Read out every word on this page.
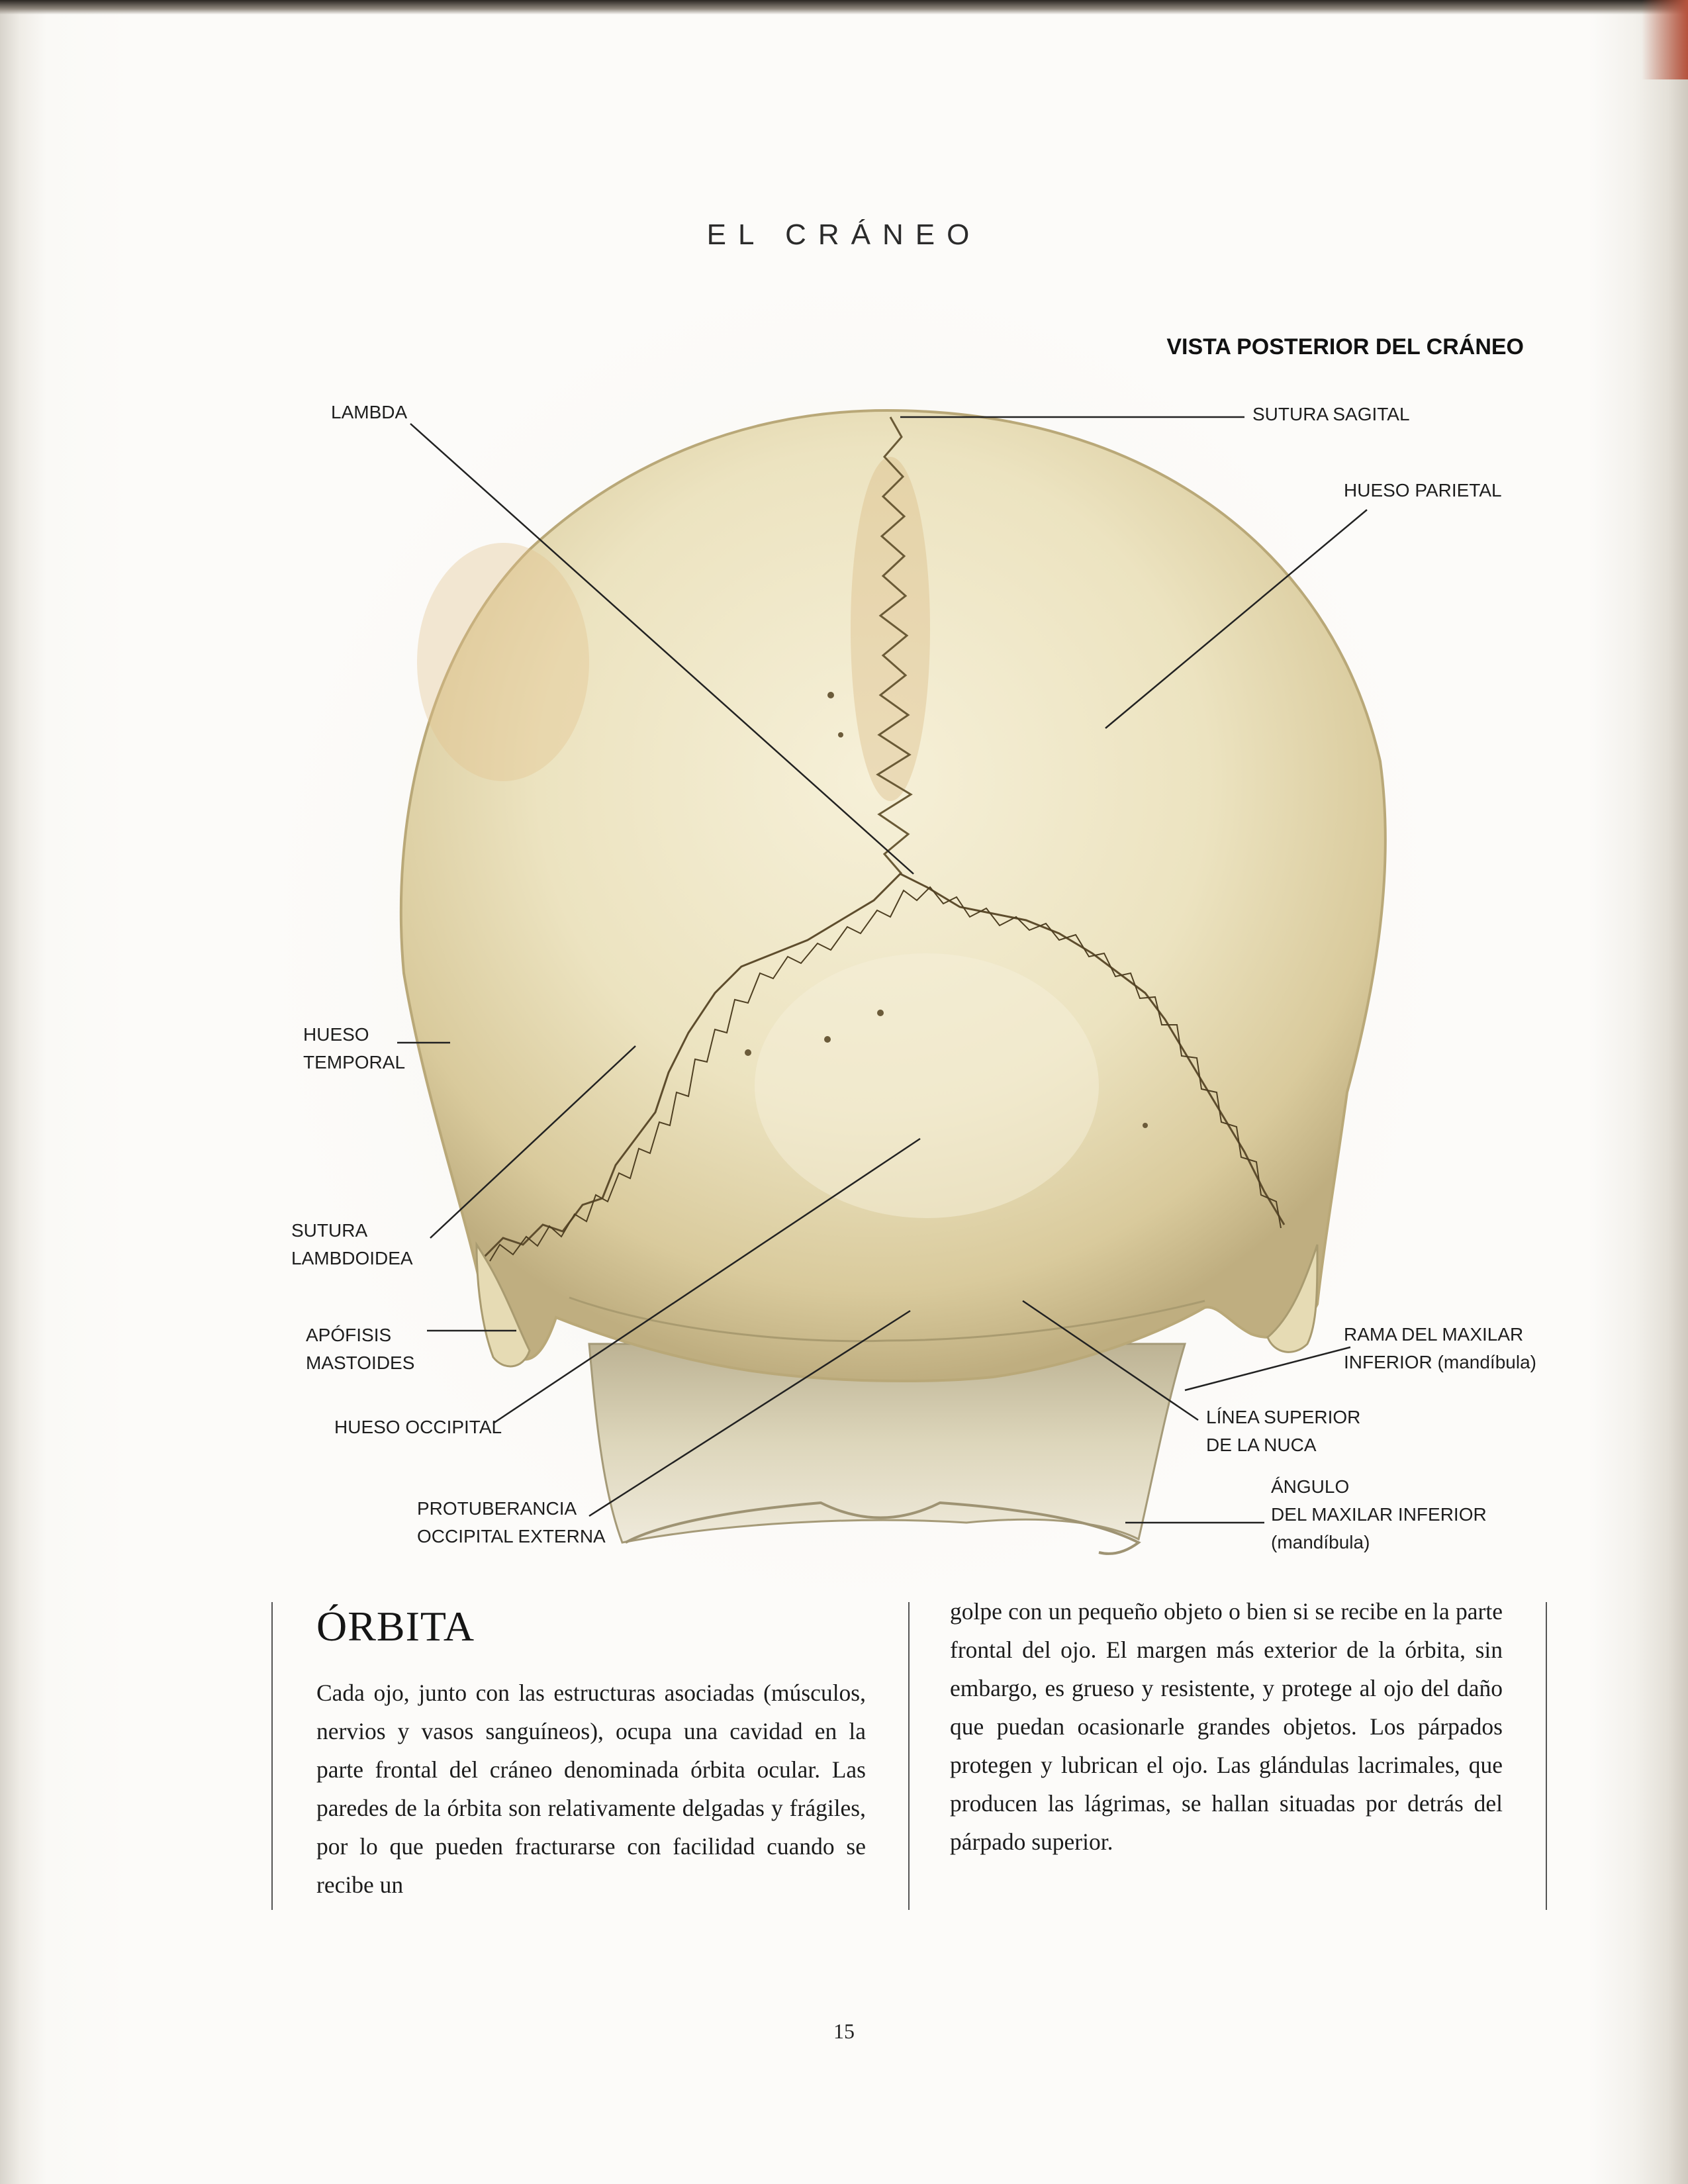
EL CRÁNEO
VISTA POSTERIOR DEL CRÁNEO
LAMBDA	SUTURA SAGITAL
HUESO PARIETAL
HUESO
TEMPORAL
SUTURA
LAMBDOIDEA
APÓFISIS
MASTOIDES
HUESO OCCIPITAL
PROTUBERANCIA
OCCIPITAL EXTERNA
RAMA DEL MAXILAR
INFERIOR (mandíbula)
LÍNEA SUPERIOR
DE LA NUCA
ÁNGULO
DEL MAXILAR INFERIOR
(mandíbula)
ÓRBITA
Cada ojo, junto con las estructuras asociadas (músculos, nervios y vasos sanguíneos), ocupa una cavidad en la parte frontal del cráneo denominada órbita ocular. Las paredes de la órbita son relativamente delgadas y frágiles, por lo que pueden fracturarse con facilidad cuando se recibe un
golpe con un pequeño objeto o bien si se recibe en la parte frontal del ojo. El margen más exterior de la órbita, sin embargo, es grueso y resistente, y protege al ojo del daño que puedan ocasionarle grandes objetos. Los párpados protegen y lubrican el ojo. Las glándulas lacrimales, que producen las lágrimas, se hallan situadas por detrás del párpado superior.
15
